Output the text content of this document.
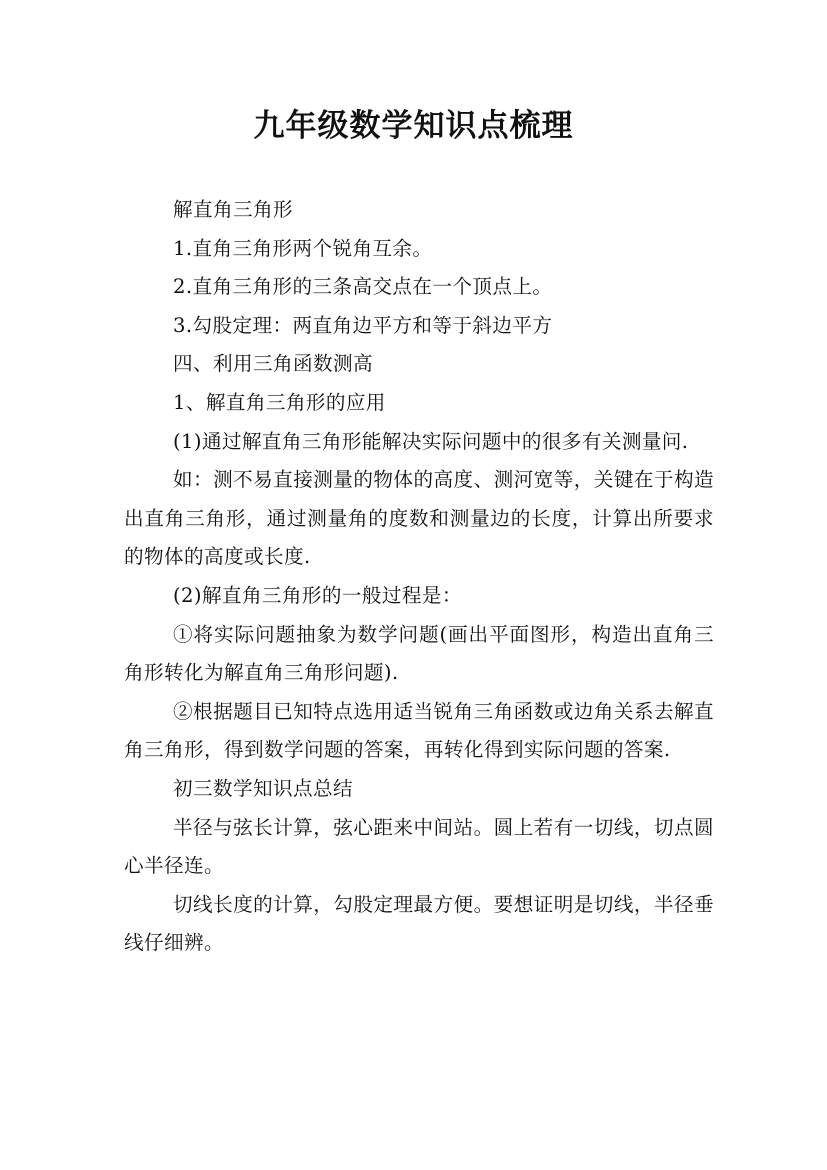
九年级数学知识点梳理

解直角三角形

1.直角三角形两个锐角互余。

2.直角三角形的三条高交点在一个顶点上。

3.勾股定理：两直角边平方和等于斜边平方

四、利用三角函数测高

1、解直角三角形的应用

(1)通过解直角三角形能解决实际问题中的很多有关测量问.

如：测不易直接测量的物体的高度、测河宽等，关键在于构造出直角三角形，通过测量角的度数和测量边的长度，计算出所要求的物体的高度或长度.

(2)解直角三角形的一般过程是：

①将实际问题抽象为数学问题(画出平面图形，构造出直角三角形转化为解直角三角形问题).

②根据题目已知特点选用适当锐角三角函数或边角关系去解直角三角形，得到数学问题的答案，再转化得到实际问题的答案.

初三数学知识点总结

半径与弦长计算，弦心距来中间站。圆上若有一切线，切点圆心半径连。

切线长度的计算，勾股定理最方便。要想证明是切线，半径垂线仔细辨。
